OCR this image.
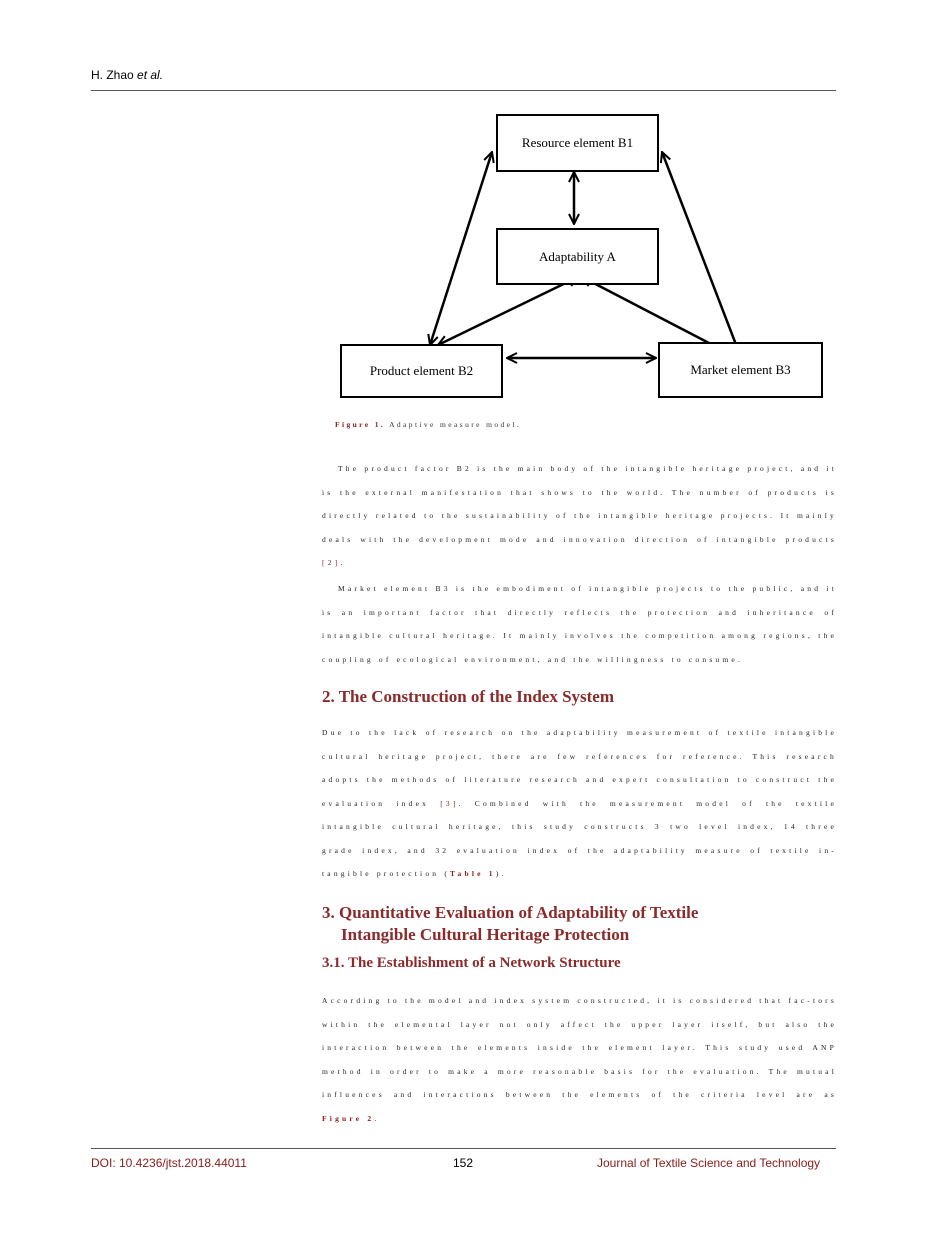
H. Zhao et al.
Resource element B1
Adaptability A
Product element B2	Market element B3
Figure 1. Adaptive measure model.
The product factor B2 is the main body of the intangible heritage project, and it is the external manifestation that shows to the world. The number of products is directly related to the sustainability of the intangible heritage projects. It mainly deals with the development mode and innovation direction of intangible products [2].
Market element B3 is the embodiment of intangible projects to the public, and it is an important factor that directly reflects the protection and inheritance of intangible cultural heritage. It mainly involves the competition among regions, the coupling of ecological environment, and the willingness to consume.
2. The Construction of the Index System
Due to the lack of research on the adaptability measurement of textile intangible cultural heritage project, there are few references for reference. This research adopts the methods of literature research and expert consultation to construct the evaluation index [3]. Combined with the measurement model of the textile intangible cultural heritage, this study constructs 3 two level index, 14 three grade index, and 32 evaluation index of the adaptability measure of textile in-tangible protection (Table 1).
3. Quantitative Evaluation of Adaptability of Textile
Intangible Cultural Heritage Protection
3.1. The Establishment of a Network Structure
According to the model and index system constructed, it is considered that fac-tors within the elemental layer not only affect the upper layer itself, but also the interaction between the elements inside the element layer. This study used ANP method in order to make a more reasonable basis for the evaluation. The mutual influences and interactions between the elements of the criteria level are as Figure 2.
DOI: 10.4236/jtst.2018.44011	152	Journal of Textile Science and Technology
